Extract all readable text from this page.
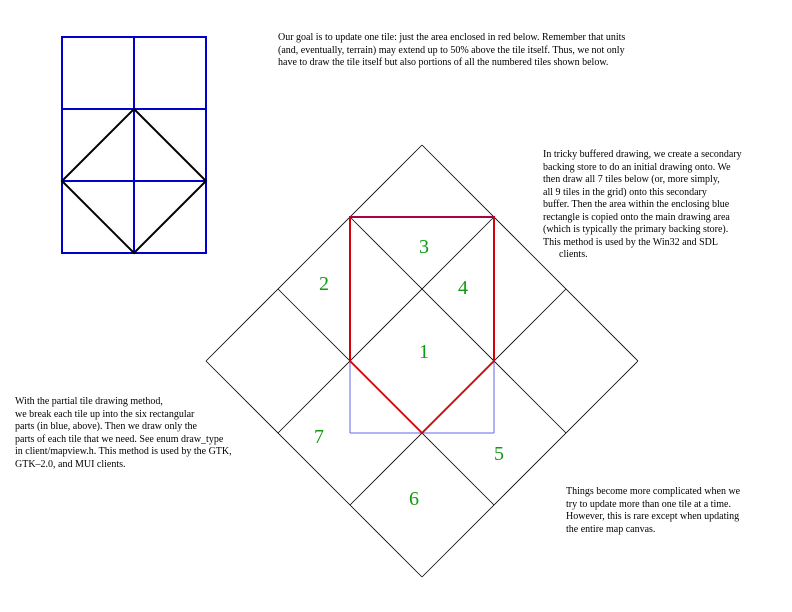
1
2
3
4
5
6
7

Our goal is to update one tile: just the area enclosed in red below. Remember that units
(and, eventually, terrain) may extend up to 50% above the tile itself. Thus, we not only
have to draw the tile itself but also portions of all the numbered tiles shown below.

In tricky buffered drawing, we create a secondary
backing store to do an initial drawing onto. We
then draw all 7 tiles below (or, more simply,
all 9 tiles in the grid) onto this secondary
buffer. Then the area within the enclosing blue
rectangle is copied onto the main drawing area
(which is typically the primary backing store).
This method is used by the Win32 and SDL
clients.

With the partial tile drawing method,
we break each tile up into the six rectangular
parts (in blue, above). Then we draw only the
parts of each tile that we need. See enum draw_type
in client/mapview.h. This method is used by the GTK,
GTK–2.0, and MUI clients.

Things become more complicated when we
try to update more than one tile at a time.
However, this is rare except when updating
the entire map canvas.
